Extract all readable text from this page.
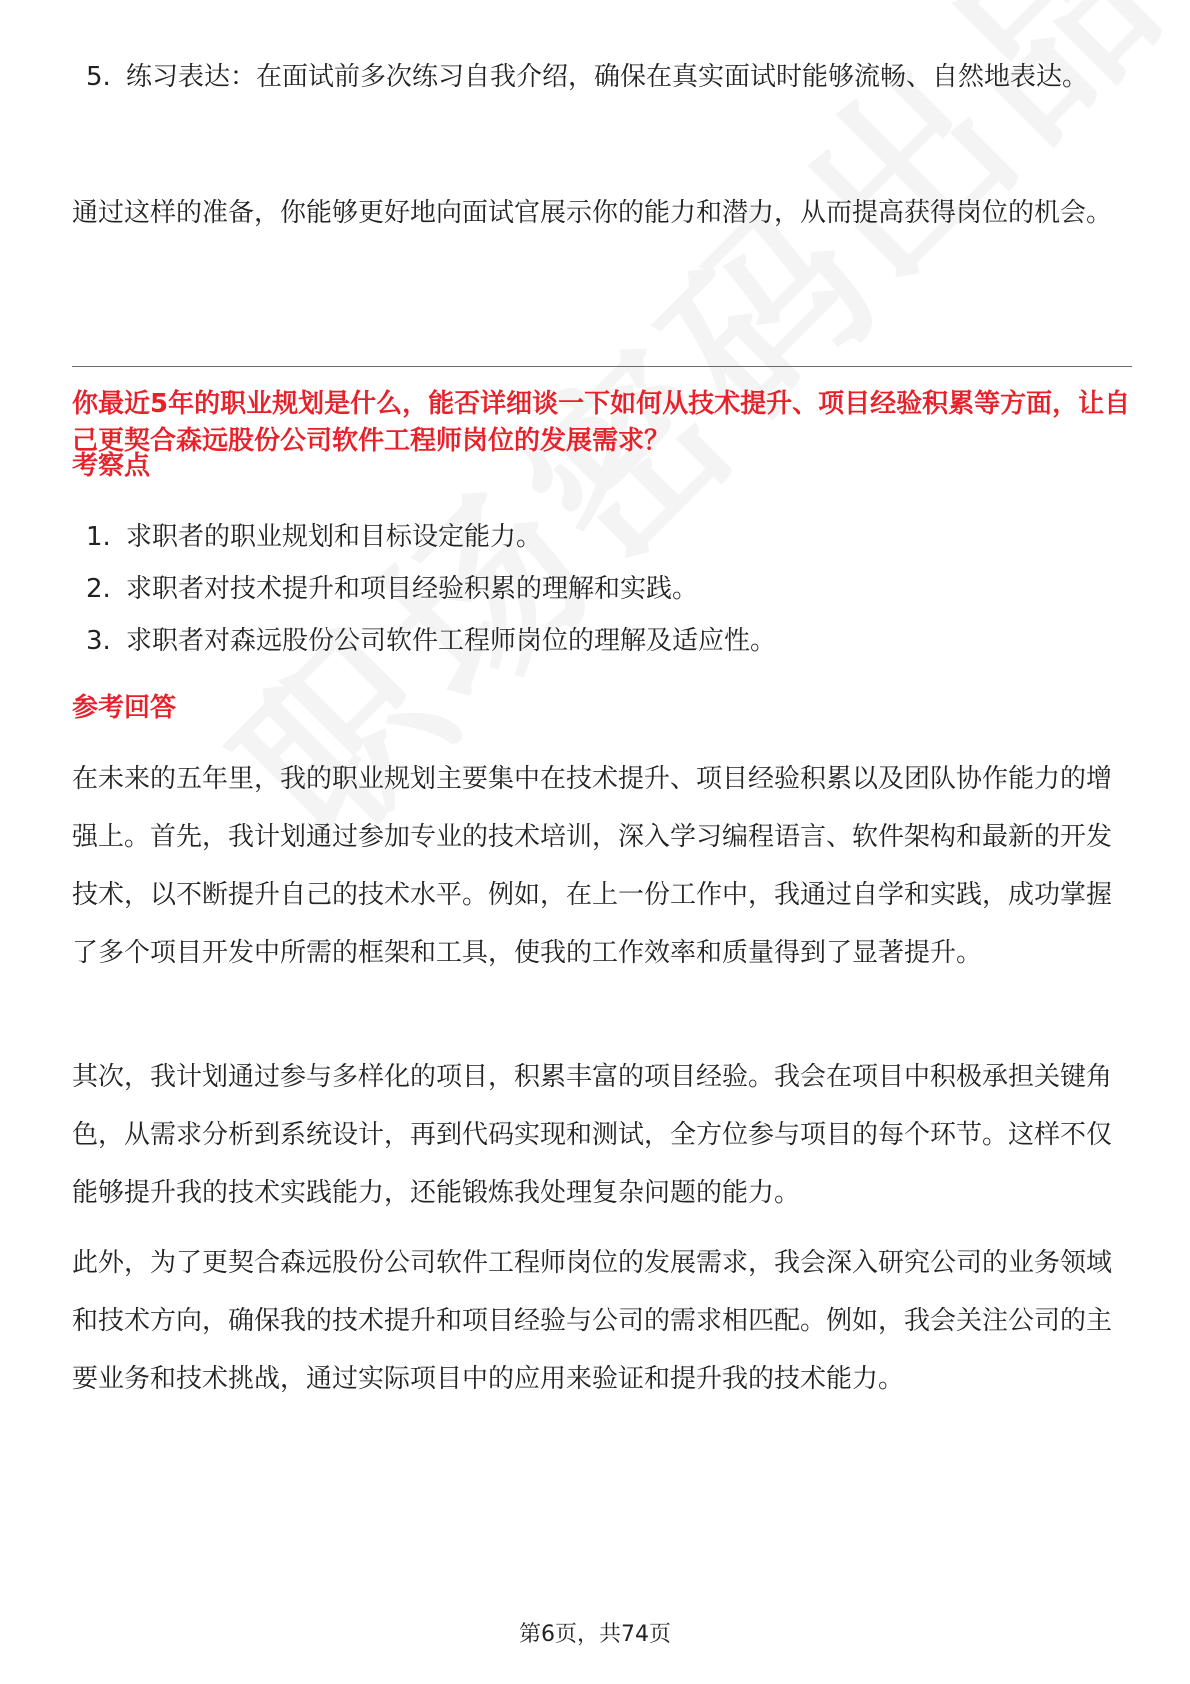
5. 练习表达：在面试前多次练习自我介绍，确保在真实面试时能够流畅、自然地表达。

通过这样的准备，你能够更好地向面试官展示你的能力和潜力，从而提高获得岗位的机会。

你最近5年的职业规划是什么，能否详细谈一下如何从技术提升、项目经验积累等方面，让自己更契合森远股份公司软件工程师岗位的发展需求？

考察点
1. 求职者的职业规划和目标设定能力。
2. 求职者对技术提升和项目经验积累的理解和实践。
3. 求职者对森远股份公司软件工程师岗位的理解及适应性。
参考回答

在未来的五年里，我的职业规划主要集中在技术提升、项目经验积累以及团队协作能力的增强上。首先，我计划通过参加专业的技术培训，深入学习编程语言、软件架构和最新的开发技术，以不断提升自己的技术水平。例如，在上一份工作中，我通过自学和实践，成功掌握了多个项目开发中所需的框架和工具，使我的工作效率和质量得到了显著提升。

其次，我计划通过参与多样化的项目，积累丰富的项目经验。我会在项目中积极承担关键角色，从需求分析到系统设计，再到代码实现和测试，全方位参与项目的每个环节。这样不仅能够提升我的技术实践能力，还能锻炼我处理复杂问题的能力。

此外，为了更契合森远股份公司软件工程师岗位的发展需求，我会深入研究公司的业务领域和技术方向，确保我的技术提升和项目经验与公司的需求相匹配。例如，我会关注公司的主要业务和技术挑战，通过实际项目中的应用来验证和提升我的技术能力。

第6页，共74页
